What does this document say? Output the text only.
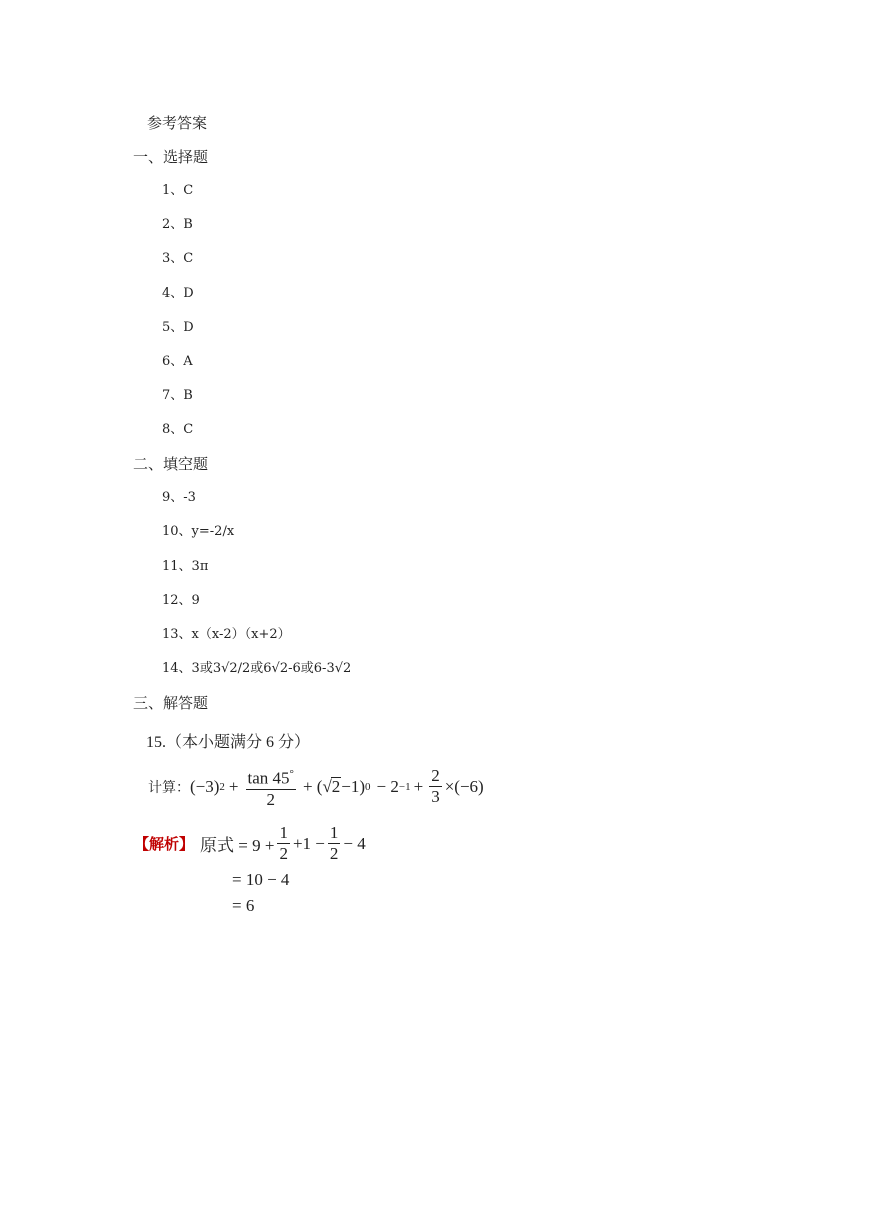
参考答案
一、选择题
1、C
2、B
3、C
4、D
5、D
6、A
7、B
8、C
二、填空题
9、-3
10、y=-2/x
11、3π
12、9
13、x（x-2）（x+2）
14、3或3√2/2或6√2-6或6-3√2
三、解答题
15.（本小题满分 6 分）
计算： (−3) $2 + \frac{\tan 45^\circ}{2}$ + ( √ 2 −1) $0 - 2 -1 + \frac{2}{3} \times(-6)$
【解析】 原式 = $9 + \frac{1}{2} +1 - \frac{1}{2} - 4$
= 10 − 4
= 6
